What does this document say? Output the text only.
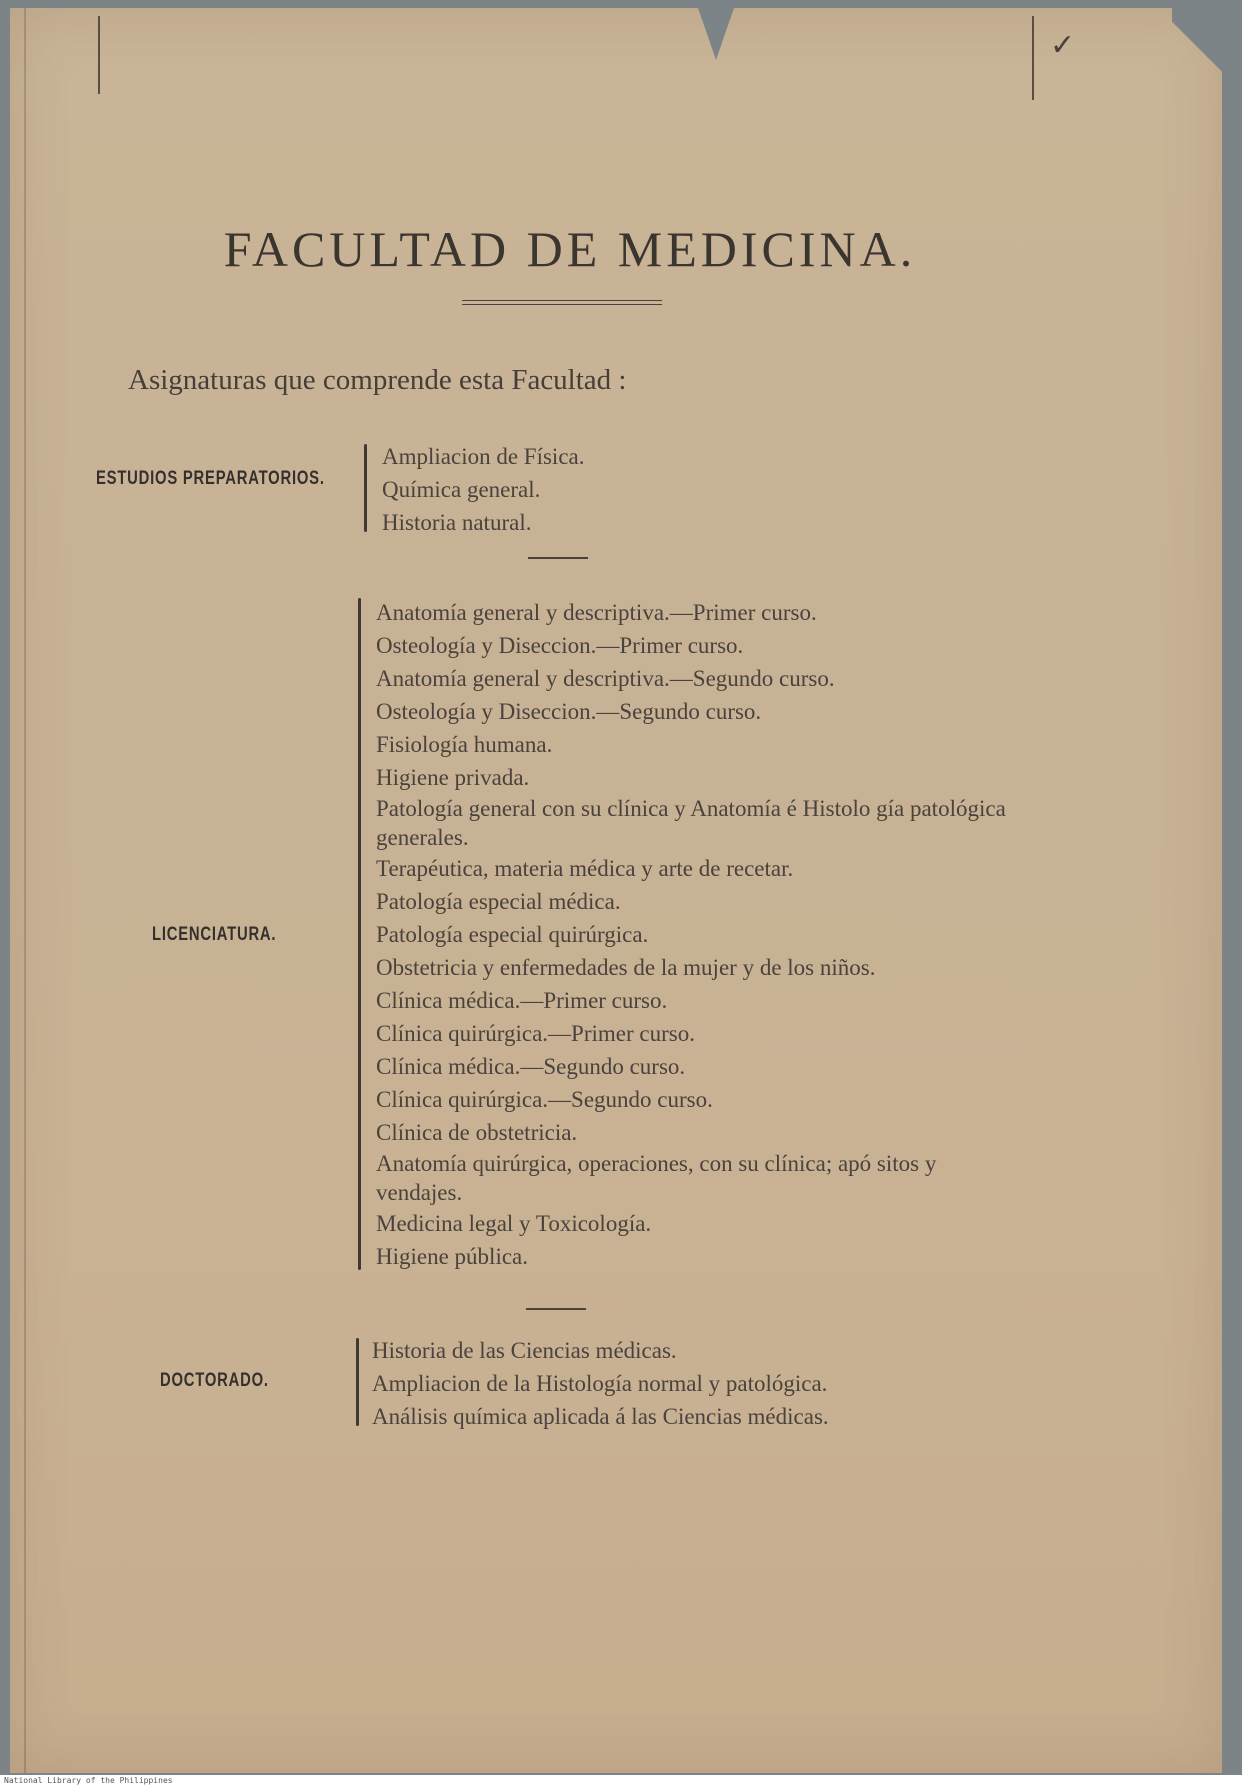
✓
FACULTAD DE MEDICINA.
Asignaturas que comprende esta Facultad :
ESTUDIOS PREPARATORIOS.
Ampliacion de Física.
Química general.
Historia natural.
LICENCIATURA.
Anatomía general y descriptiva.—Primer curso.
Osteología y Diseccion.—Primer curso.
Anatomía general y descriptiva.—Segundo curso.
Osteología y Diseccion.—Segundo curso.
Fisiología humana.
Higiene privada.
Patología general con su clínica y Anatomía é Histolo gía patológica generales.
Terapéutica, materia médica y arte de recetar.
Patología especial médica.
Patología especial quirúrgica.
Obstetricia y enfermedades de la mujer y de los niños.
Clínica médica.—Primer curso.
Clínica quirúrgica.—Primer curso.
Clínica médica.—Segundo curso.
Clínica quirúrgica.—Segundo curso.
Clínica de obstetricia.
Anatomía quirúrgica, operaciones, con su clínica; apó sitos y vendajes.
Medicina legal y Toxicología.
Higiene pública.
DOCTORADO.
Historia de las Ciencias médicas.
Ampliacion de la Histología normal y patológica.
Análisis química aplicada á las Ciencias médicas.
National Library of the Philippines
